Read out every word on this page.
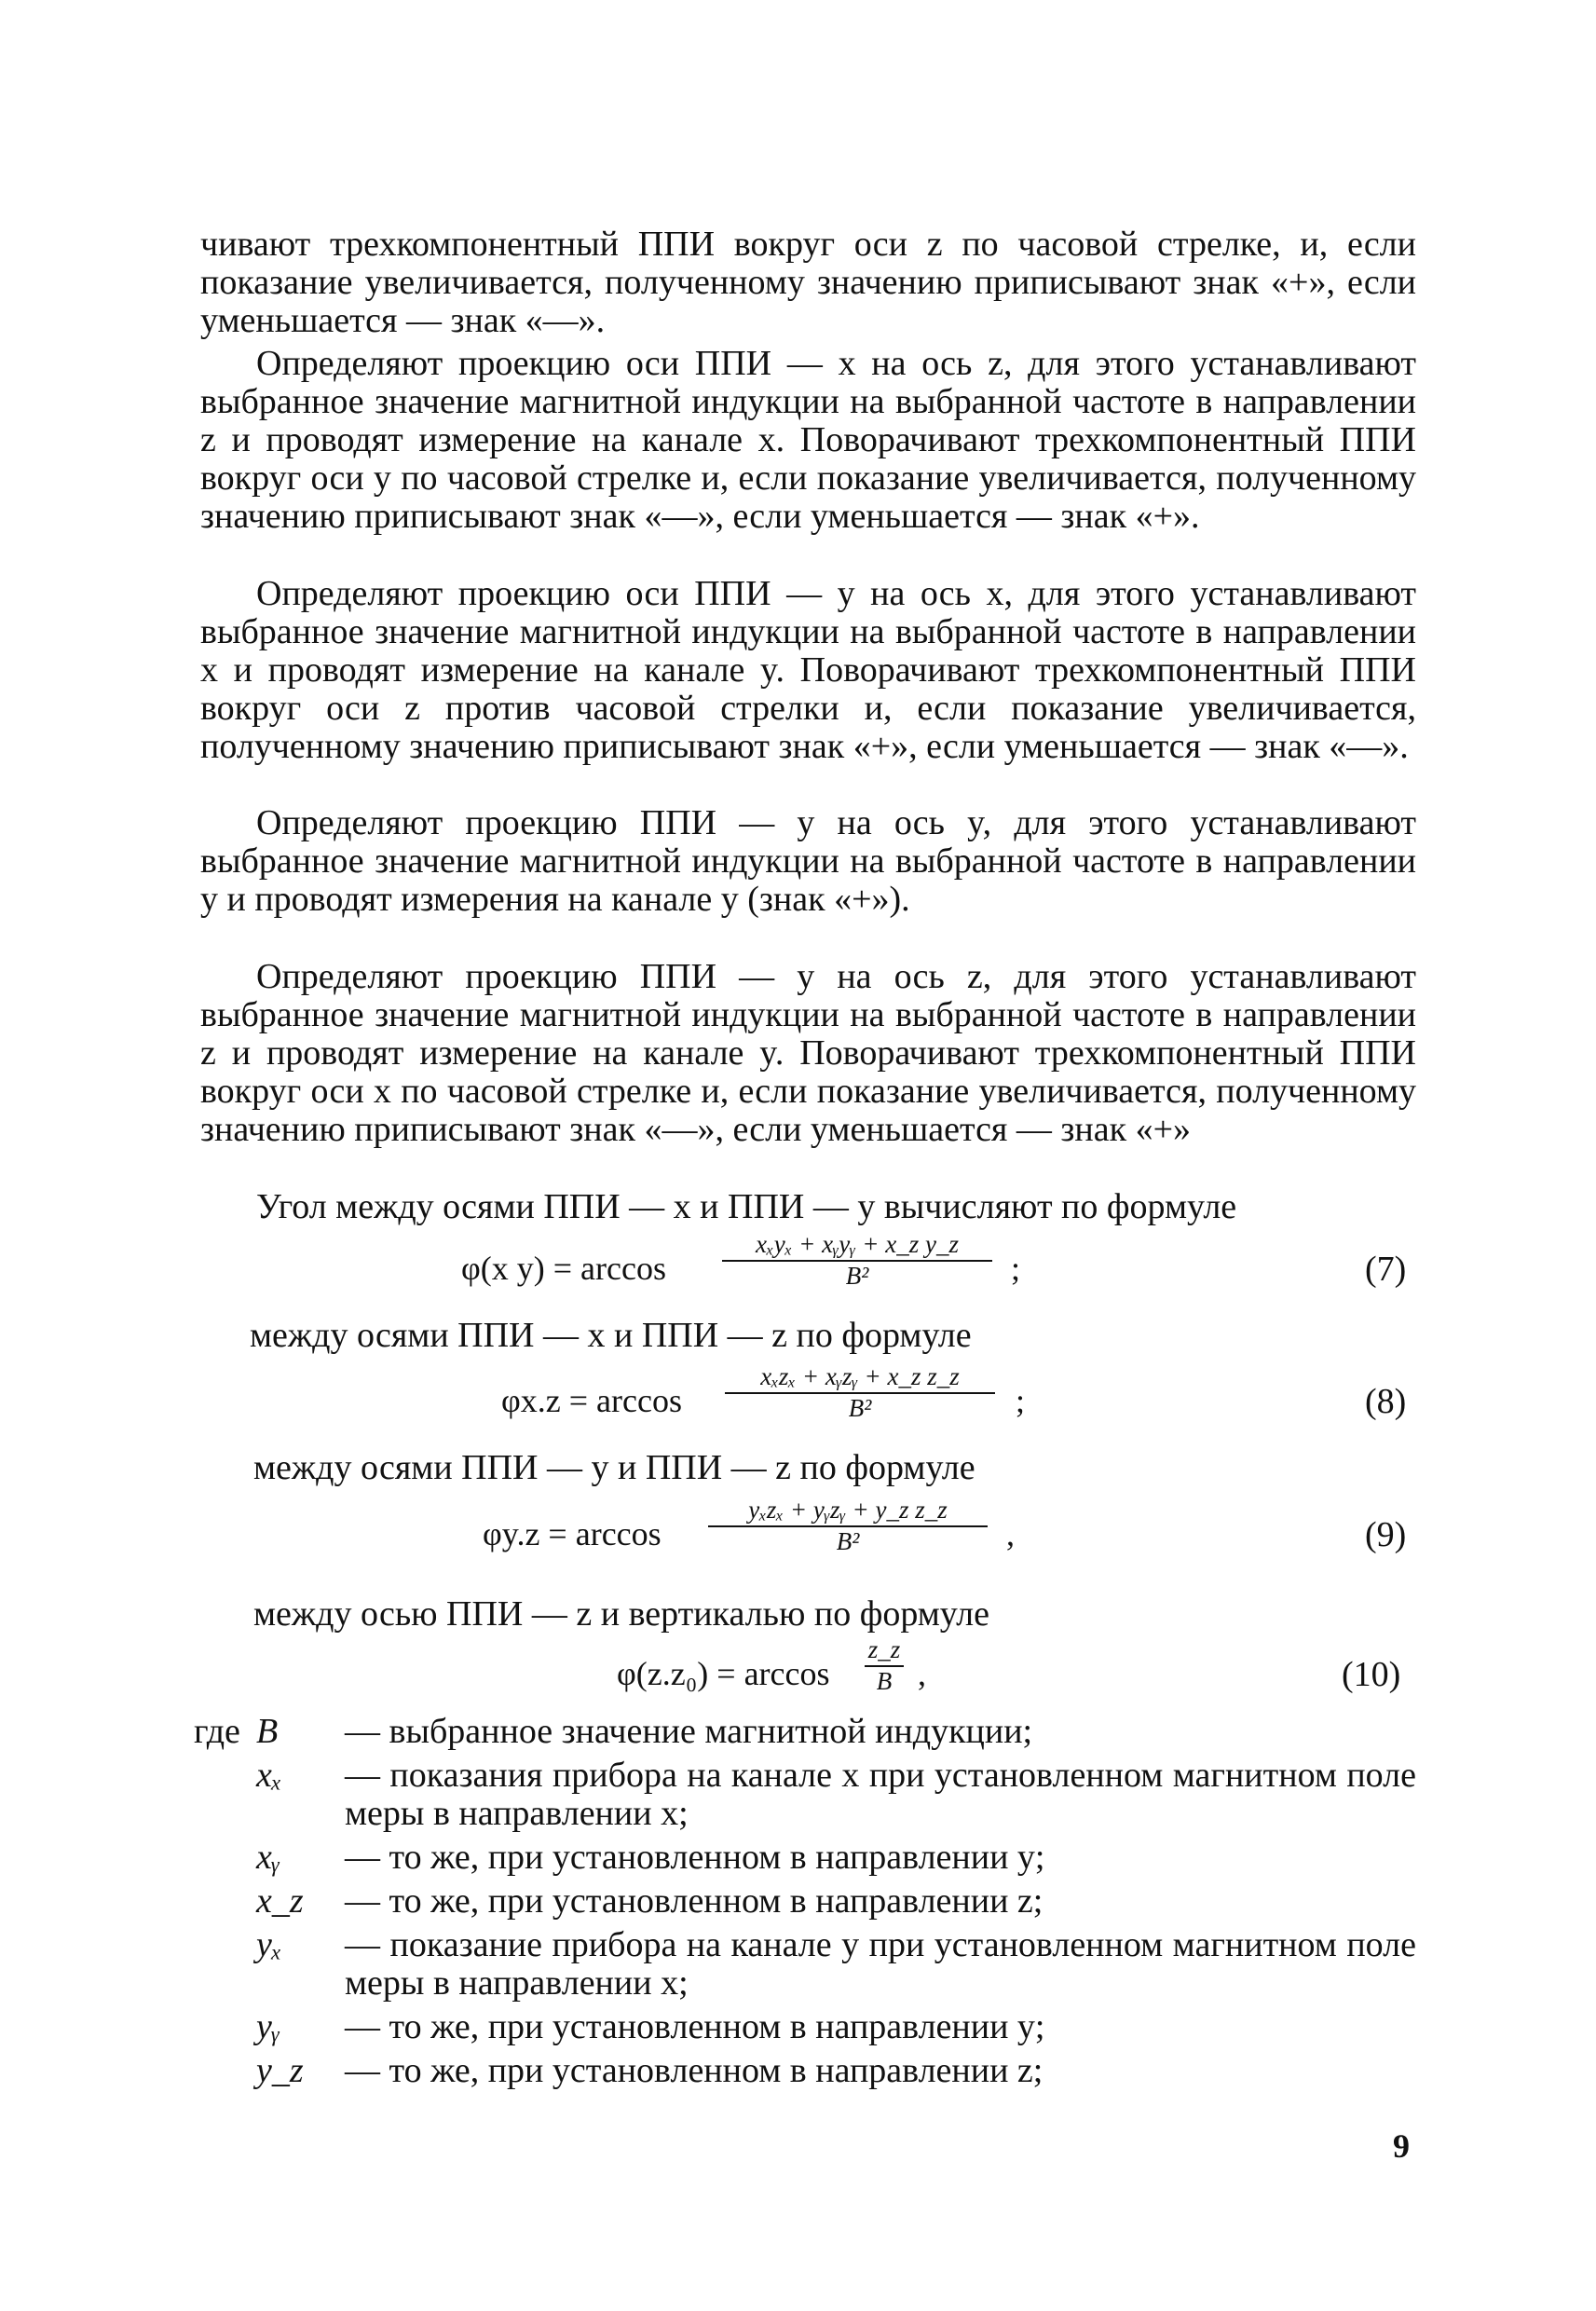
чивают трехкомпонентный ППИ вокруг оси z по часовой стрелке, и, если показание увеличивается, полученному значению приписывают знак «+», если уменьшается — знак «—».
Определяют проекцию оси ППИ — x на ось z, для этого устанавливают выбранное значение магнитной индукции на выбранной частоте в направлении z и проводят измерение на канале x. Поворачивают трехкомпонентный ППИ вокруг оси y по часовой стрелке и, если показание увеличивается, полученному значению приписывают знак «—», если уменьшается — знак «+».
Определяют проекцию оси ППИ — y на ось x, для этого устанавливают выбранное значение магнитной индукции на выбранной частоте в направлении x и проводят измерение на канале y. Поворачивают трехкомпонентный ППИ вокруг оси z против часовой стрелки и, если показание увеличивается, полученному значению приписывают знак «+», если уменьшается — знак «—».
Определяют проекцию ППИ — y на ось y, для этого устанавливают выбранное значение магнитной индукции на выбранной частоте в направлении y и проводят измерения на канале y (знак «+»).
Определяют проекцию ППИ — y на ось z, для этого устанавливают выбранное значение магнитной индукции на выбранной частоте в направлении z и проводят измерение на канале y. Поворачивают трехкомпонентный ППИ вокруг оси x по часовой стрелке и, если показание увеличивается, полученному значению приписывают знак «—», если уменьшается — знак «+»
Угол между осями ППИ — x и ППИ — y вычисляют по формуле
φ(x y) = arccos
xₓyₓ + xᵧyᵧ + x_z y_z
B²	;	(7)
между осями ППИ — x и ППИ — z по формуле
φx.z = arccos
xₓzₓ + xᵧzᵧ + x_z z_z
B²	;	(8)
между осями ППИ — y и ППИ — z по формуле
φy.z = arccos
yₓzₓ + yᵧzᵧ + y_z z_z
B²	,	(9)
между осью ППИ — z и вертикалью по формуле
φ(z.z₀) = arccos
z_z
B ,	(10)
где B	— выбранное значение магнитной индукции;
xₓ	— показания прибора на канале x при установленном магнитном поле меры в направлении x;
xᵧ	— то же, при установленном в направлении y;
x_z	— то же, при установленном в направлении z;
yₓ	— показание прибора на канале y при установленном магнитном поле меры в направлении x;
yᵧ	— то же, при установленном в направлении y;
y_z	— то же, при установленном в направлении z;
9
